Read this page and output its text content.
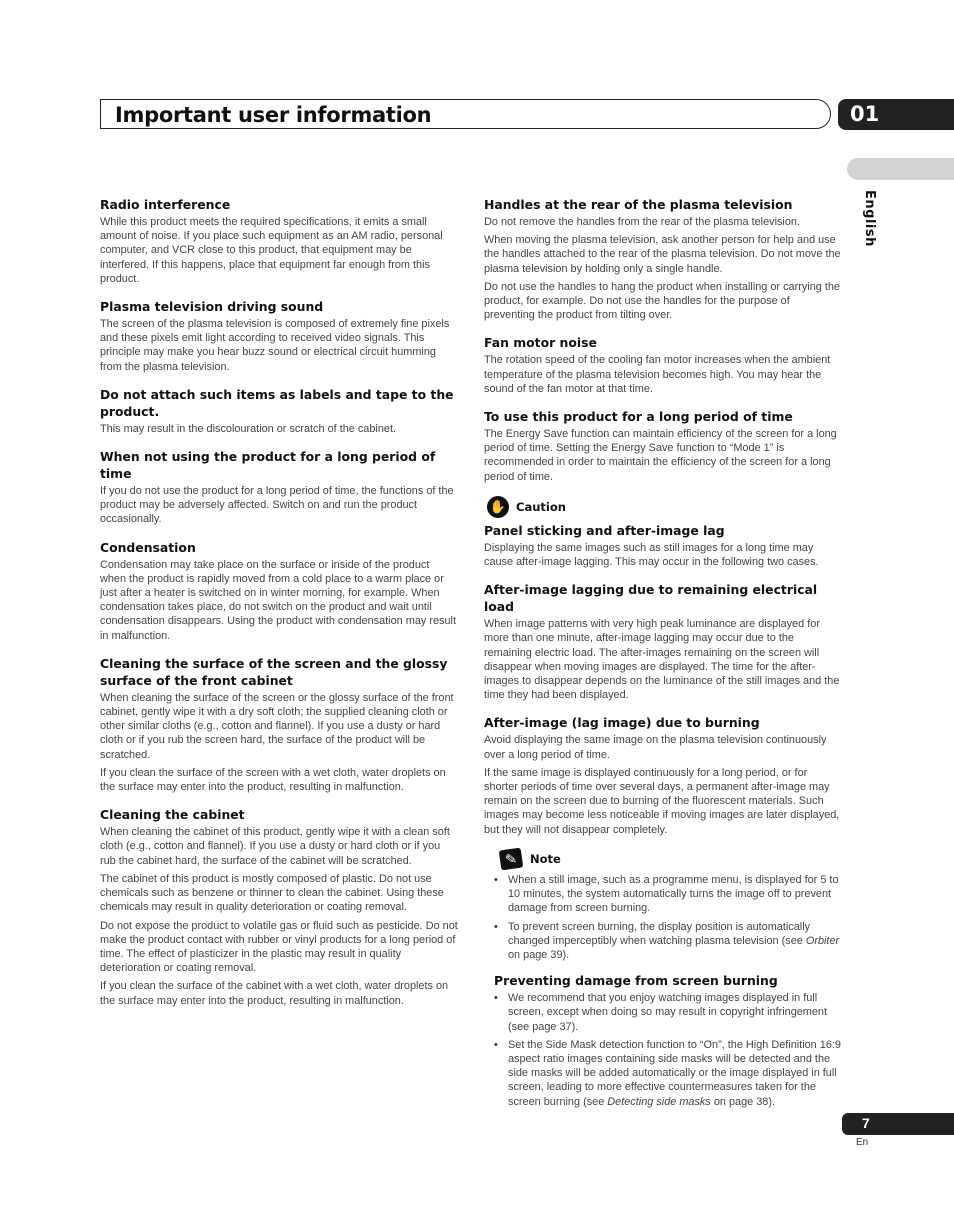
Important user information	01
English
Radio interference

While this product meets the required specifications, it emits a small amount of noise. If you place such equipment as an AM radio, personal computer, and VCR close to this product, that equipment may be interfered. If this happens, place that equipment far enough from this product.

Plasma television driving sound

The screen of the plasma television is composed of extremely fine pixels and these pixels emit light according to received video signals. This principle may make you hear buzz sound or electrical circuit humming from the plasma television.

Do not attach such items as labels and tape to the product.

This may result in the discolouration or scratch of the cabinet.

When not using the product for a long period of time

If you do not use the product for a long period of time, the functions of the product may be adversely affected. Switch on and run the product occasionally.

Condensation

Condensation may take place on the surface or inside of the product when the product is rapidly moved from a cold place to a warm place or just after a heater is switched on in winter morning, for example. When condensation takes place, do not switch on the product and wait until condensation disappears. Using the product with condensation may result in malfunction.

Cleaning the surface of the screen and the glossy surface of the front cabinet

When cleaning the surface of the screen or the glossy surface of the front cabinet, gently wipe it with a dry soft cloth; the supplied cleaning cloth or other similar cloths (e.g., cotton and flannel). If you use a dusty or hard cloth or if you rub the screen hard, the surface of the product will be scratched.

If you clean the surface of the screen with a wet cloth, water droplets on the surface may enter into the product, resulting in malfunction.

Cleaning the cabinet

When cleaning the cabinet of this product, gently wipe it with a clean soft cloth (e.g., cotton and flannel). If you use a dusty or hard cloth or if you rub the cabinet hard, the surface of the cabinet will be scratched.

The cabinet of this product is mostly composed of plastic. Do not use chemicals such as benzene or thinner to clean the cabinet. Using these chemicals may result in quality deterioration or coating removal.

Do not expose the product to volatile gas or fluid such as pesticide. Do not make the product contact with rubber or vinyl products for a long period of time. The effect of plasticizer in the plastic may result in quality deterioration or coating removal.

If you clean the surface of the cabinet with a wet cloth, water droplets on the surface may enter into the product, resulting in malfunction.

Handles at the rear of the plasma television

Do not remove the handles from the rear of the plasma television.

When moving the plasma television, ask another person for help and use the handles attached to the rear of the plasma television. Do not move the plasma television by holding only a single handle.

Do not use the handles to hang the product when installing or carrying the product, for example. Do not use the handles for the purpose of preventing the product from tilting over.

Fan motor noise

The rotation speed of the cooling fan motor increases when the ambient temperature of the plasma television becomes high. You may hear the sound of the fan motor at that time.

To use this product for a long period of time

The Energy Save function can maintain efficiency of the screen for a long period of time. Setting the Energy Save function to “Mode 1” is recommended in order to maintain the efficiency of the screen for a long period of time.

✋ Caution
Panel sticking and after-image lag

Displaying the same images such as still images for a long time may cause after-image lagging. This may occur in the following two cases.

After-image lagging due to remaining electrical load

When image patterns with very high peak luminance are displayed for more than one minute, after-image lagging may occur due to the remaining electric load. The after-images remaining on the screen will disappear when moving images are displayed. The time for the after-images to disappear depends on the luminance of the still images and the time they had been displayed.

After-image (lag image) due to burning

Avoid displaying the same image on the plasma television continuously over a long period of time.

If the same image is displayed continuously for a long period, or for shorter periods of time over several days, a permanent after-image may remain on the screen due to burning of the fluorescent materials. Such images may become less noticeable if moving images are later displayed, but they will not disappear completely.

✎	Note
• When a still image, such as a programme menu, is displayed for 5 to 10 minutes, the system automatically turns the image off to prevent damage from screen burning.
• To prevent screen burning, the display position is automatically changed imperceptibly when watching plasma television (see Orbiter on page 39).
Preventing damage from screen burning
• We recommend that you enjoy watching images displayed in full screen, except when doing so may result in copyright infringement (see page 37).
• Set the Side Mask detection function to “On”, the High Definition 16:9 aspect ratio images containing side masks will be detected and the side masks will be added automatically or the image displayed in full screen, leading to more effective countermeasures taken for the screen burning (see Detecting side masks on page 38).
7
En
